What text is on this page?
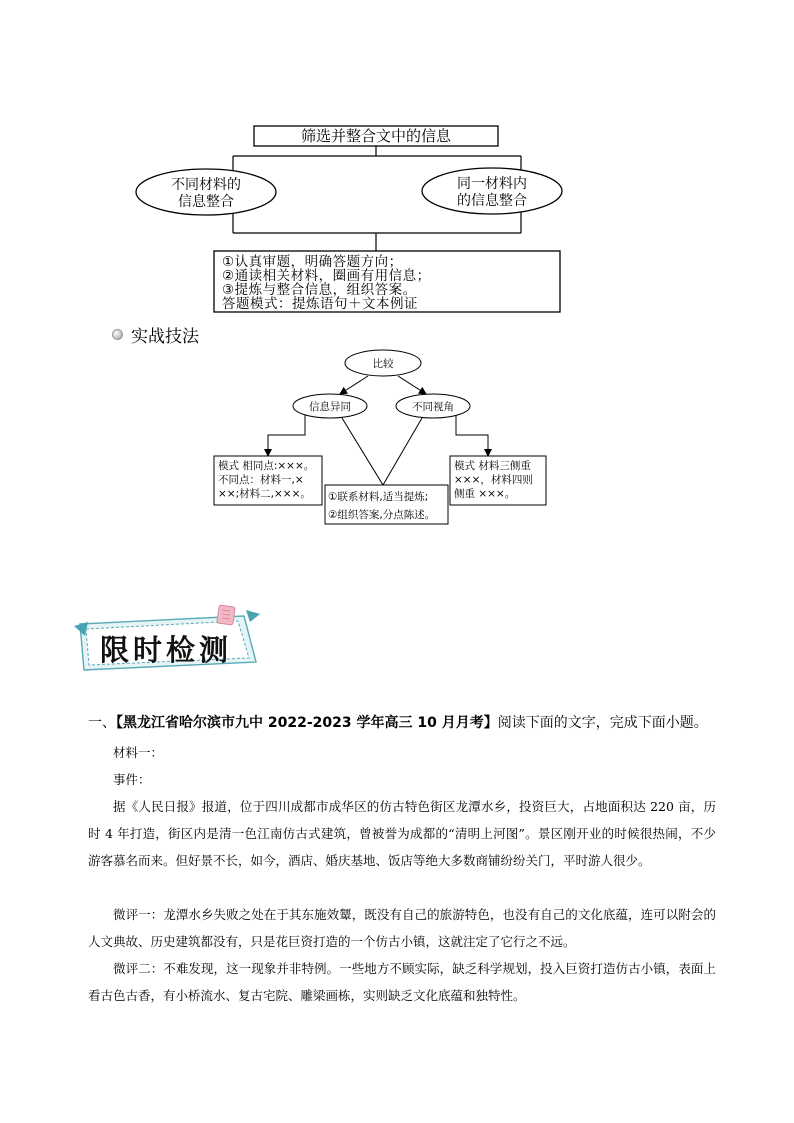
筛选并整合文中的信息
不同材料的
信息整合
同一材料内
的信息整合
①认真审题，明确答题方向；
②通读相关材料，圈画有用信息；
③提炼与整合信息，组织答案。
答题模式：提炼语句＋文本例证
实战技法
比较
信息异同	不同视角
模式 相同点:×××。
不同点：材料一,×
××;材料二,×××。 ①联系材料,适当提炼;
②组织答案,分点陈述。
模式 材料三侧重
×××，材料四则
侧重 ×××。
限时检测
一、【黑龙江省哈尔滨市九中 2022-2023 学年高三 10 月月考】阅读下面的文字，完成下面小题。
材料一：
事件：
据《人民日报》报道，位于四川成都市成华区的仿古特色街区龙潭水乡，投资巨大，占地面积达 220 亩，历时 4 年打造，街区内是清一色江南仿古式建筑，曾被誉为成都的“清明上河图”。景区刚开业的时候很热闹，不少游客慕名而来。但好景不长，如今，酒店、婚庆基地、饭店等绝大多数商铺纷纷关门，平时游人很少。
微评一：龙潭水乡失败之处在于其东施效颦，既没有自己的旅游特色，也没有自己的文化底蕴，连可以附会的人文典故、历史建筑都没有，只是花巨资打造的一个仿古小镇，这就注定了它行之不远。
微评二：不难发现，这一现象并非特例。一些地方不顾实际，缺乏科学规划，投入巨资打造仿古小镇，表面上看古色古香，有小桥流水、复古宅院、雕梁画栋，实则缺乏文化底蕴和独特性。
